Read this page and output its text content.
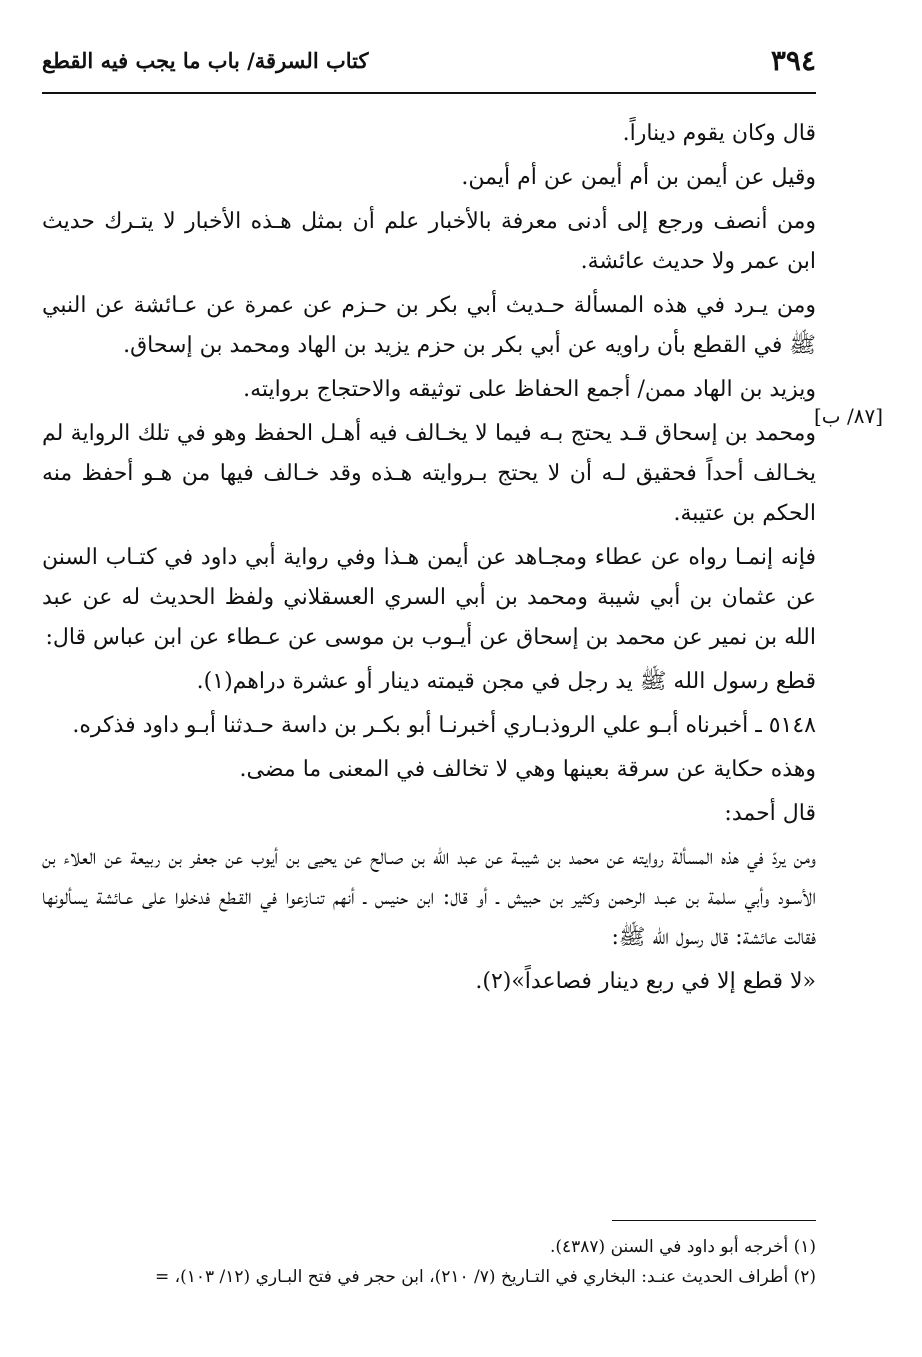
٣٩٤
كتاب السرقة/ باب ما يجب فيه القطع
[٨٧/ ب]

قال وكان يقوم ديناراً.

وقيل عن أيمن بن أم أيمن عن أم أيمن.

ومن أنصف ورجع إلى أدنى معرفة بالأخبار علم أن بمثل هـذه الأخبار لا يتـرك حديث ابن عمر ولا حديث عائشة.

ومن يـرد في هذه المسألة حـديث أبي بكر بن حـزم عن عمرة عن عـائشة عن النبي ﷺ في القطع بأن راويه عن أبي بكر بن حزم يزيد بن الهاد ومحمد بن إسحاق.

ويزيد بن الهاد ممن/ أجمع الحفاظ على توثيقه والاحتجاج بروايته.

ومحمد بن إسحاق قـد يحتج بـه فيما لا يخـالف فيه أهـل الحفظ وهو في تلك الرواية لم يخـالف أحداً فحقيق لـه أن لا يحتج بـروايته هـذه وقد خـالف فيها من هـو أحفظ منه الحكم بن عتيبة.

فإنه إنمـا رواه عن عطاء ومجـاهد عن أيمن هـذا وفي رواية أبي داود في كتـاب السنن عن عثمان بن أبي شيبة ومحمد بن أبي السري العسقلاني ولفظ الحديث له عن عبد الله بن نمير عن محمد بن إسحاق عن أيـوب بن موسى عن عـطاء عن ابن عباس قال:

قطع رسول الله ﷺ يد رجل في مجن قيمته دينار أو عشرة دراهم(١).

٥١٤٨ ـ أخبرناه أبـو علي الروذبـاري أخبرنـا أبو بكـر بن داسة حـدثنا أبـو داود فذكره.

وهذه حكاية عن سرقة بعينها وهي لا تخالف في المعنى ما مضى.

قال أحمد:

ومن يردّ في هذه المسألة روايته عن محمد بن شيبـة عن عبد الله بن صـالح عن يحيى بن أيوب عن جعفر بن ربيعة عن العلاء بن الأسـود وأبي سلمة بن عبـد الرحمن وكثير بن حبيش ـ أو قال: ابن حنيس ـ أنهم تنـازعوا في القـطع فدخلوا على عـائشة يسألونها فقالت عائشة: قال رسول الله ﷺ:

«لا قطع إلا في ربع دينار فصاعداً»(٢).

(١) أخرجه أبو داود في السنن (٤٣٨٧).
(٢) أطراف الحديث عنـد: البخاري في التـاريخ (٧/ ٢١٠)، ابن حجر في فتح البـاري (١٢/ ١٠٣)، =
